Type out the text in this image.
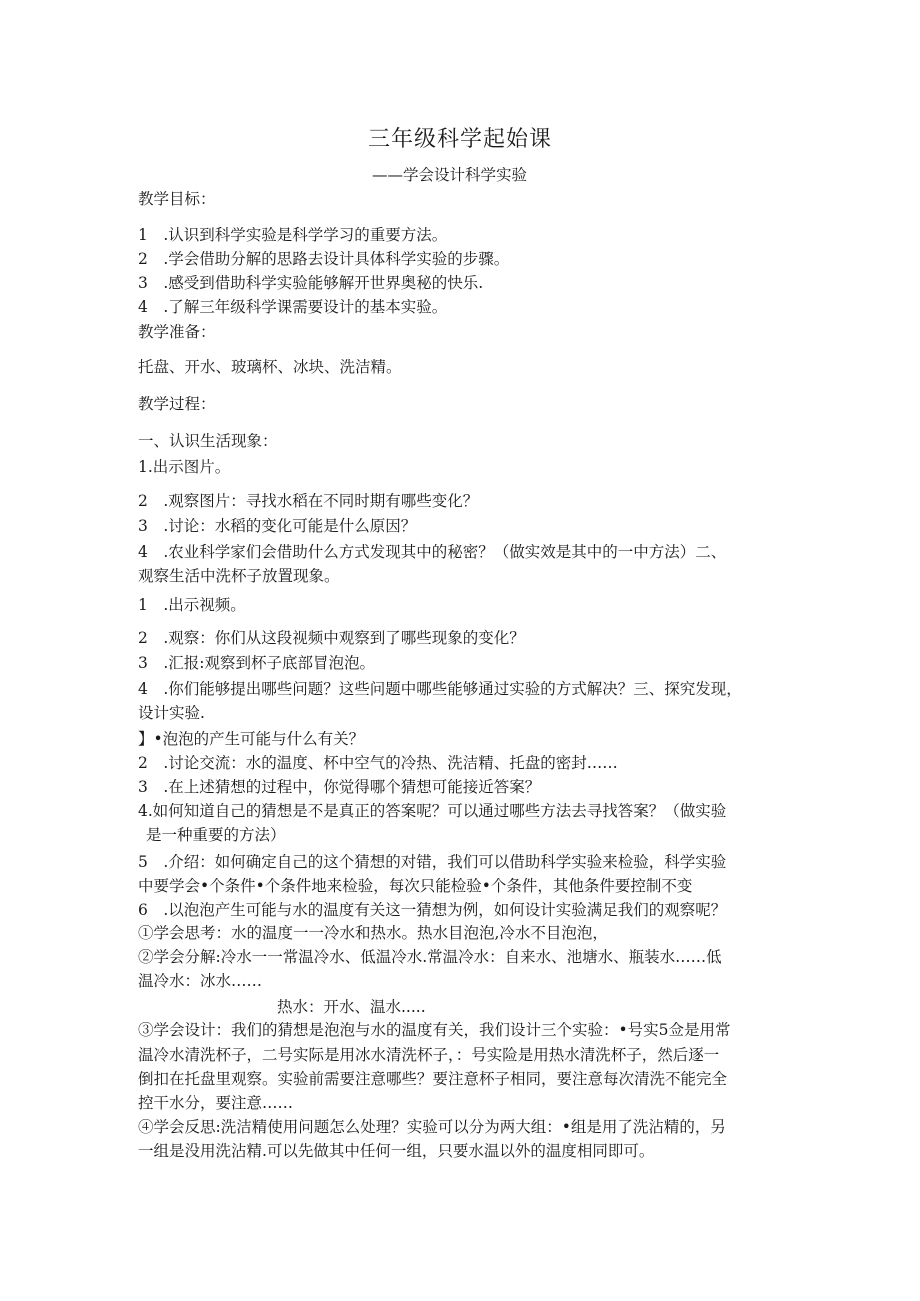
三年级科学起始课
——学会设计科学实验
教学目标：
1　.认识到科学实验是科学学习的重要方法。
2　.学会借助分解的思路去设计具体科学实验的步骤。
3　.感受到借助科学实验能够解开世界奥秘的快乐.
4　.了解三年级科学课需要设计的基本实验。
教学准备：
托盘、开水、玻璃杯、冰块、洗洁精。
教学过程：
一、认识生活现象：
1.出示图片。
2　.观察图片：寻找水稻在不同时期有哪些变化？
3　.讨论：水稻的变化可能是什么原因？
4　.农业科学家们会借助什么方式发现其中的秘密？（做实效是其中的一中方法）二、
观察生活中洗杯子放置现象。
1　.出示视频。
2　.观察：你们从这段视频中观察到了哪些现象的变化？
3　.汇报:观察到杯子底部冒泡泡。
4　.你们能够提出哪些问题？这些问题中哪些能够通过实验的方式解决？三、探究发现，
设计实验.
】•泡泡的产生可能与什么有关？
2　.讨论交流：水的温度、杯中空气的冷热、洗洁精、托盘的密封……
3　.在上述猜想的过程中，你觉得哪个猜想可能接近答案？
4.如何知道自己的猜想是不是真正的答案呢？可以通过哪些方法去寻找答案？（做实验
是一种重要的方法）
5　.介绍：如何确定自己的这个猜想的对错，我们可以借助科学实验来检验，科学实验
中要学会•个条件•个条件地来检验，每次只能检验•个条件，其他条件要控制不变
6　.以泡泡产生可能与水的温度有关这一猜想为例，如何设计实验满足我们的观察呢？
①学会思考：水的温度一一冷水和热水。热水目泡泡,冷水不目泡泡，
②学会分解:冷水一一常温冷水、低温冷水.常温冷水：自来水、池塘水、瓶装水……低
温冷水：冰水……
热水：开水、温水.....
③学会设计：我们的猜想是泡泡与水的温度有关，我们设计三个实验：•号实5佥是用常
温冷水清洗杯子，二号实际是用冰水清洗杯子，：号实险是用热水清洗杯子，然后逐一
倒扣在托盘里观察。实验前需要注意哪些？要注意杯子相同，要注意每次清洗不能完全
控干水分，要注意……
④学会反思:洗洁精使用问题怎么处理？实验可以分为两大组：•组是用了洗沾精的，另
一组是没用洗沾精.可以先做其中任何一组，只要水温以外的温度相同即可。
